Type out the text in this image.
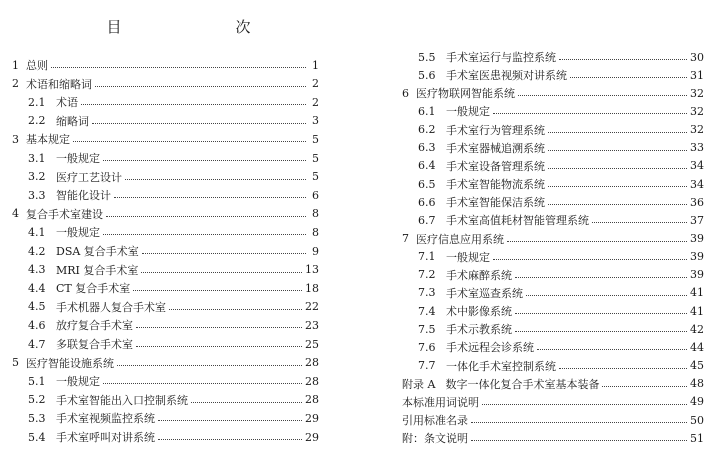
目　　次
1 总则	1
2 术语和缩略词	2
2.1 术语	2
2.2 缩略词	3
3 基本规定	5
3.1 一般规定	5
3.2 医疗工艺设计	5
3.3 智能化设计	6
4 复合手术室建设	8
4.1 一般规定	8
4.2 DSA 复合手术室	9
4.3 MRI 复合手术室	13
4.4 CT 复合手术室	18
4.5 手术机器人复合手术室	22
4.6 放疗复合手术室	23
4.7 多联复合手术室	25
5 医疗智能设施系统	28
5.1 一般规定	28
5.2 手术室智能出入口控制系统	28
5.3 手术室视频监控系统	29
5.4 手术室呼叫对讲系统	29
5.5 手术室运行与监控系统	30
5.6 手术室医患视频对讲系统	31
6 医疗物联网智能系统	32
6.1 一般规定	32
6.2 手术室行为管理系统	32
6.3 手术室器械追溯系统	33
6.4 手术室设备管理系统	34
6.5 手术室智能物流系统	34
6.6 手术室智能保洁系统	36
6.7 手术室高值耗材智能管理系统	37
7 医疗信息应用系统	39
7.1 一般规定	39
7.2 手术麻醉系统	39
7.3 手术室巡查系统	41
7.4 术中影像系统	41
7.5 手术示教系统	42
7.6 手术远程会诊系统	44
7.7 一体化手术室控制系统	45
附录 A 数字一体化复合手术室基本装备	48
本标准用词说明	49
引用标准名录	50
附：条文说明	51
